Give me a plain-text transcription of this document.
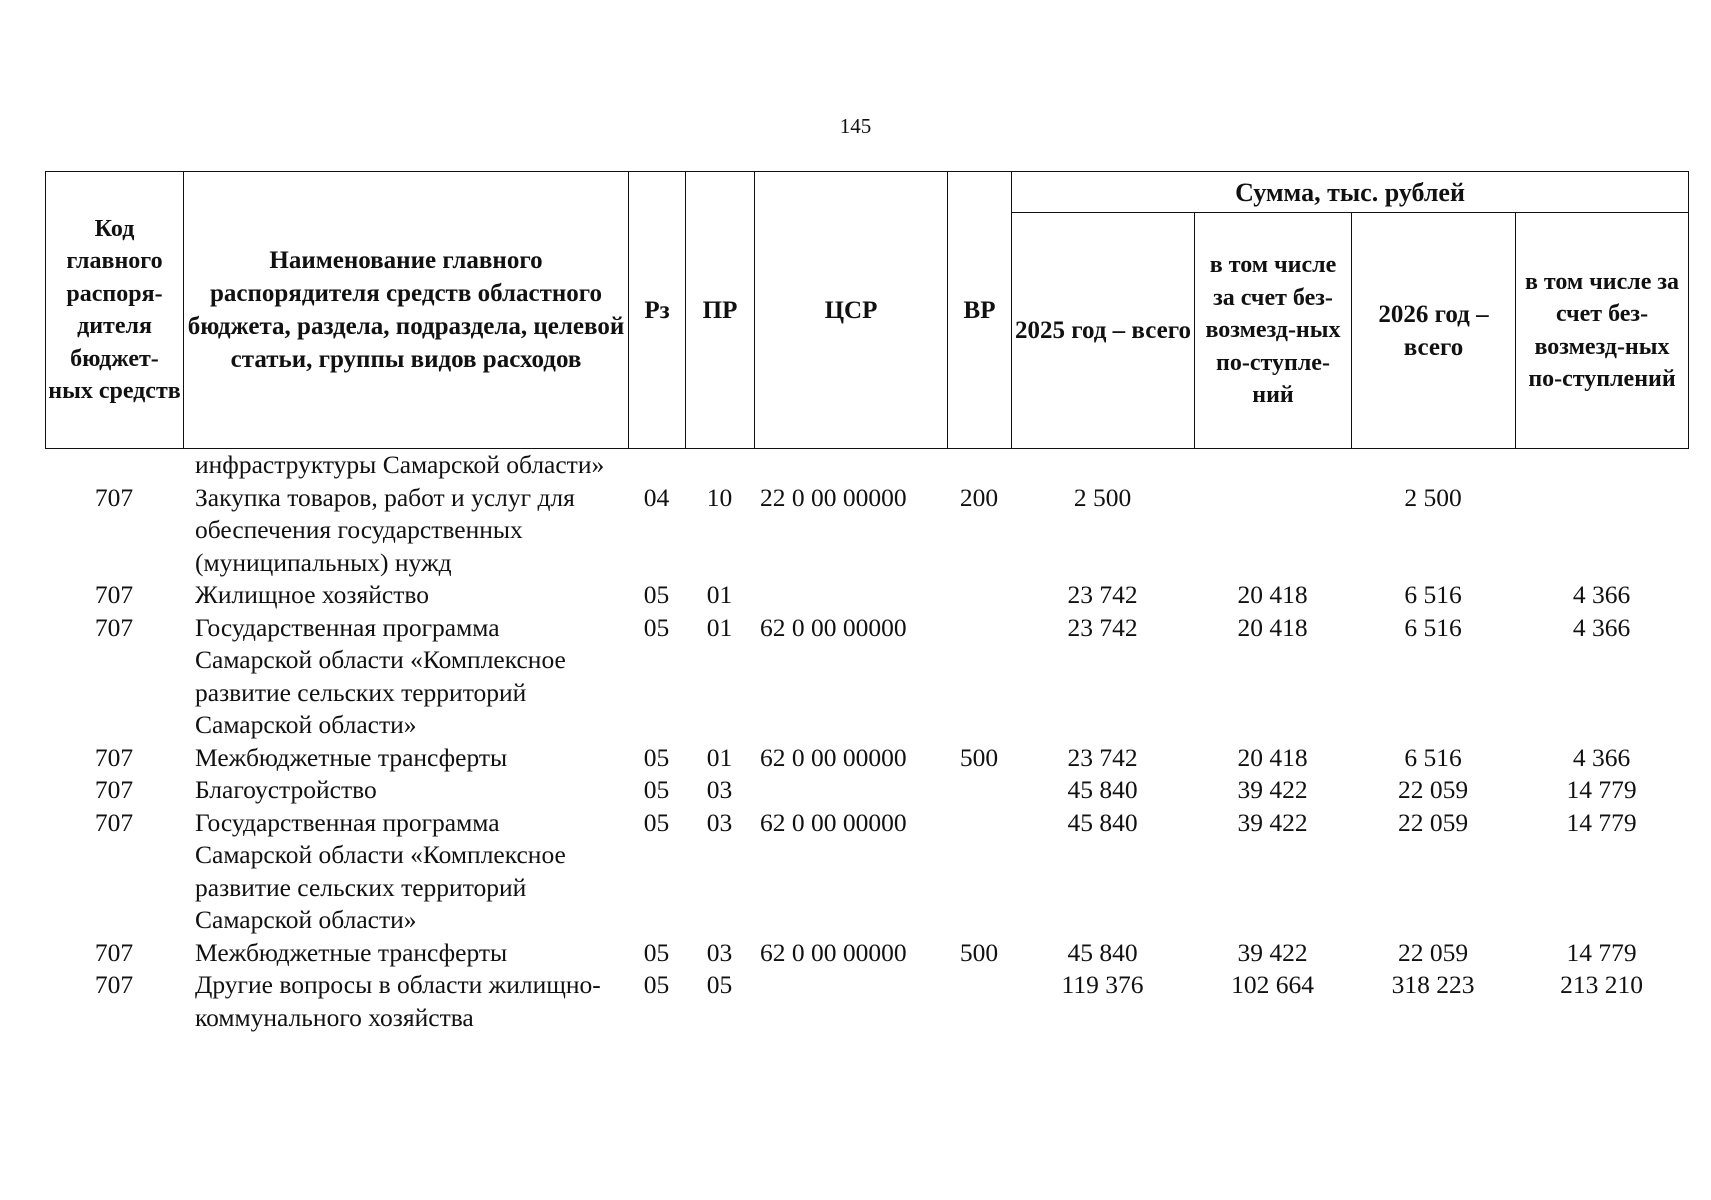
145
Код главного распоря-дителя бюджет-ных средств	Наименование главного распорядителя средств областного бюджета, раздела, подраздела, целевой статьи, группы видов расходов	Рз	ПР	ЦСР	ВР	Сумма, тыс. рублей			
						2025 год – всего	в том числе за счет без-возмезд-ных по-ступле-ний	2026 год – всего	в том числе за счет без-возмезд-ных по-ступлений
	инфраструктуры Самарской области»								
707	Закупка товаров, работ и услуг для обеспечения государственных (муниципальных) нужд	04	10	22 0 00 00000	200	2 500		2 500	
707	Жилищное хозяйство	05	01			23 742	20 418	6 516	4 366
707	Государственная программа Самарской области «Комплексное развитие сельских территорий Самарской области»	05	01	62 0 00 00000		23 742	20 418	6 516	4 366
707	Межбюджетные трансферты	05	01	62 0 00 00000	500	23 742	20 418	6 516	4 366
707	Благоустройство	05	03			45 840	39 422	22 059	14 779
707	Государственная программа Самарской области «Комплексное развитие сельских территорий Самарской области»	05	03	62 0 00 00000		45 840	39 422	22 059	14 779
707	Межбюджетные трансферты	05	03	62 0 00 00000	500	45 840	39 422	22 059	14 779
707	Другие вопросы в области жилищно-коммунального хозяйства	05	05			119 376	102 664	318 223	213 210
